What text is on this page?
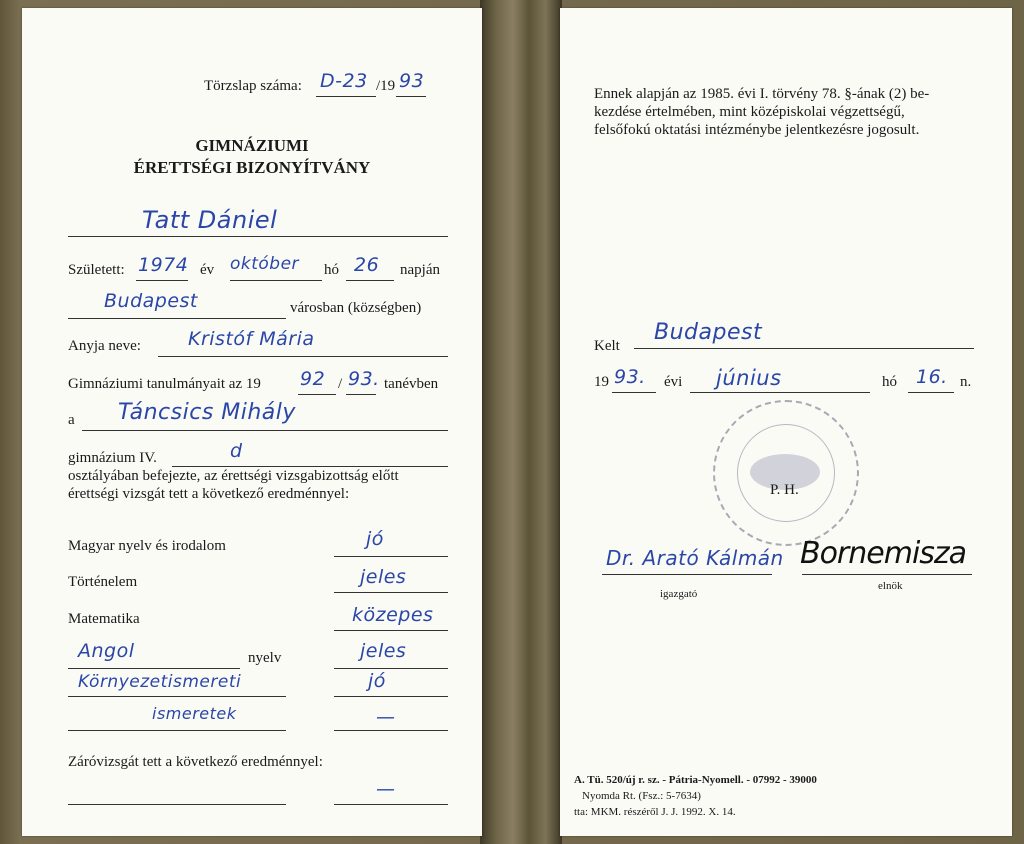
Törzslap száma: D-23 /19 93
GIMNÁZIUMI
ÉRETTSÉGI BIZONYÍTVÁNY
Tatt Dániel
Született: 1974 év október hó 26 napján
Budapest	városban (községben)
Anyja neve: Kristóf Mária
Gimnáziumi tanulmányait az 19 92 / 93. tanévben
a Táncsics Mihály
gimnázium IV.	d
osztályában befejezte, az érettségi vizsgabizottság előtt
érettségi vizsgát tett a következő eredménnyel:
Magyar nyelv és irodalom	jó
Történelem	jeles
Matematika	közepes
Angol	nyelv	jeles
Környezetismereti	jó
ismeretek	—
Záróvizsgát tett a következő eredménnyel:
—
Ennek alapján az 1985. évi I. törvény 78. §-ának (2) be-
kezdése értelmében, mint középiskolai végzettségű,
felsőfokú oktatási intézménybe jelentkezésre jogosult.
Kelt
Budapest
19 93. évi június	hó 16. n.
P. H.
Dr. Arató Kálmán
igazgató
Bornemisza
elnök
A. Tü. 520/új r. sz. - Pátria-Nyomell. - 07992 - 39000
Nyomda Rt. (Fsz.: 5-7634)
tta: MKM. részéről J. J. 1992. X. 14.
